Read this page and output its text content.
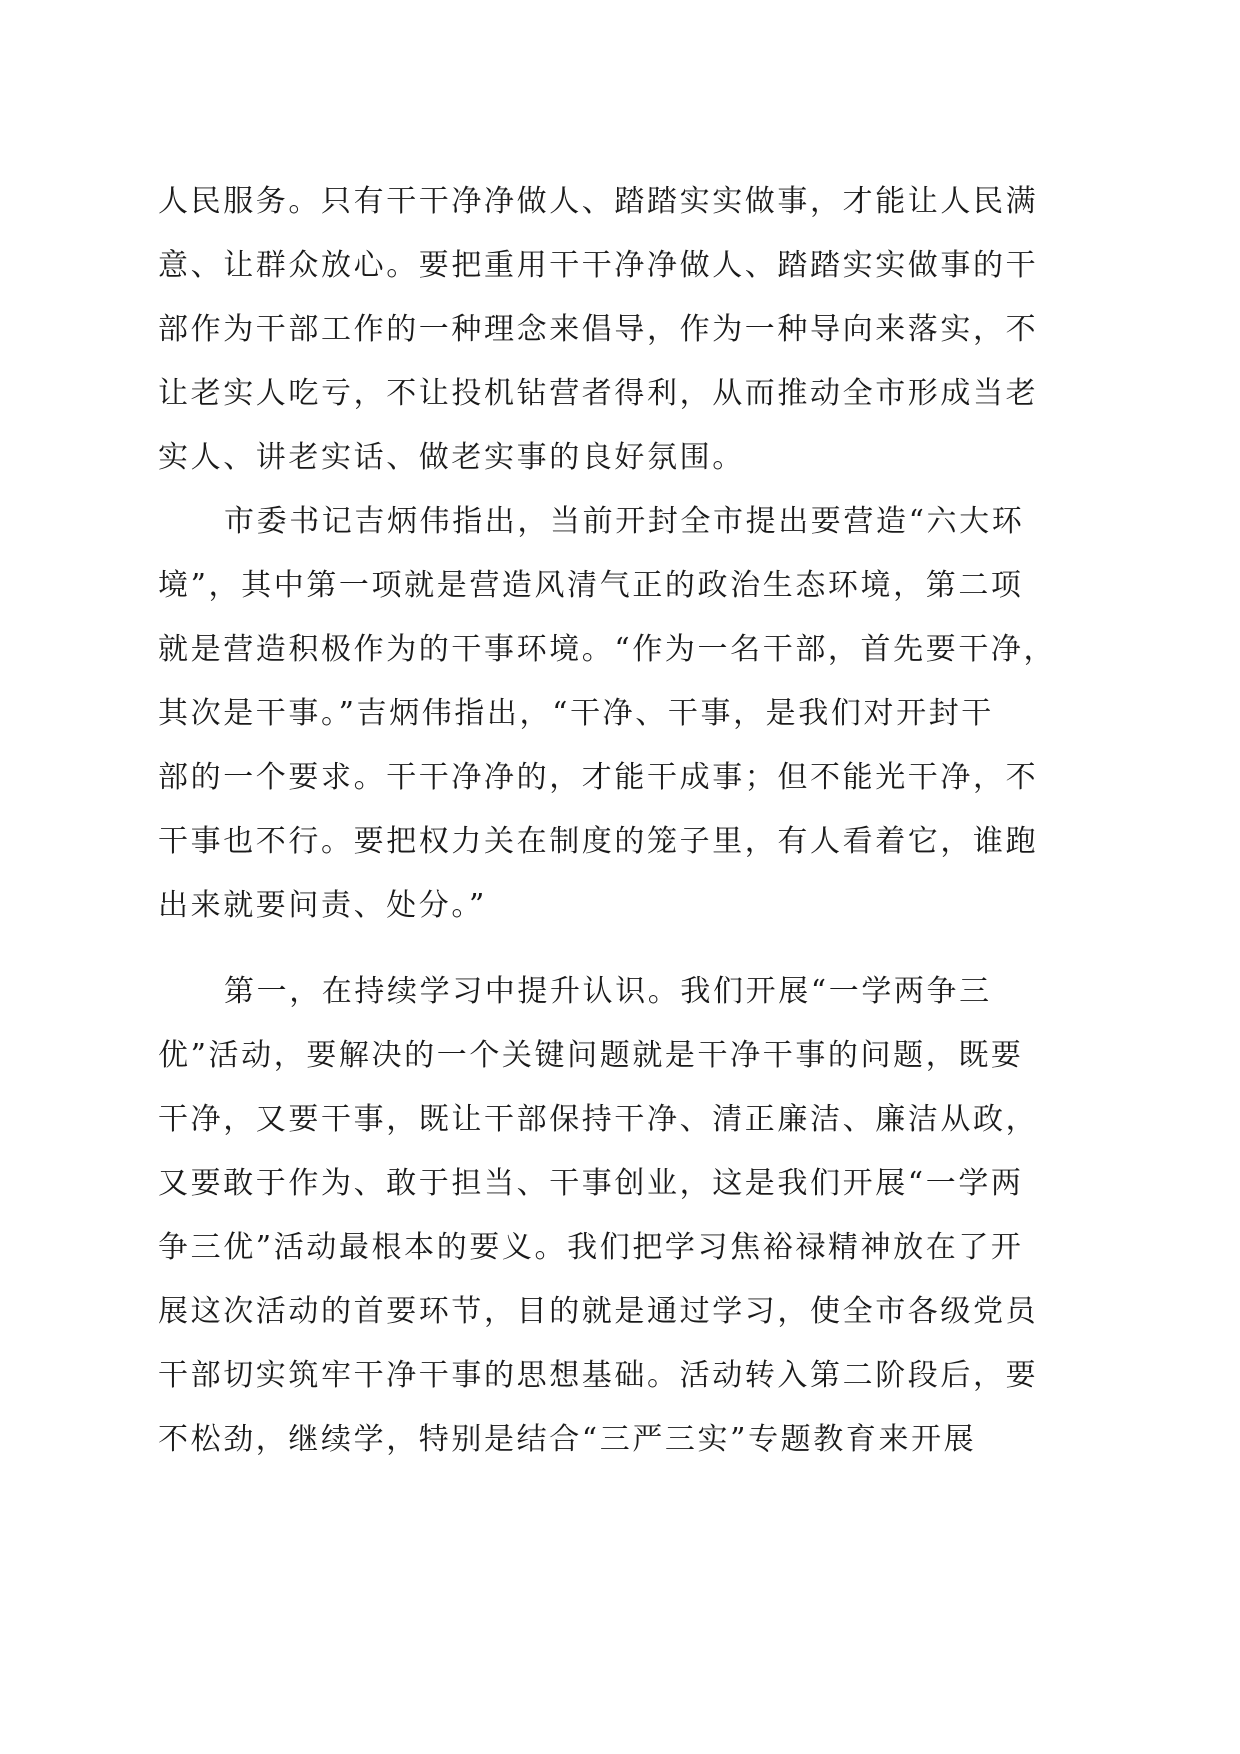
人民服务。只有干干净净做人、踏踏实实做事，才能让人民满
意、让群众放心。要把重用干干净净做人、踏踏实实做事的干
部作为干部工作的一种理念来倡导，作为一种导向来落实，不
让老实人吃亏，不让投机钻营者得利，从而推动全市形成当老
实人、讲老实话、做老实事的良好氛围。
市委书记吉炳伟指出，当前开封全市提出要营造“六大环
境”，其中第一项就是营造风清气正的政治生态环境，第二项
就是营造积极作为的干事环境。“作为一名干部，首先要干净，
其次是干事。”吉炳伟指出，“干净、干事，是我们对开封干
部的一个要求。干干净净的，才能干成事；但不能光干净，不
干事也不行。要把权力关在制度的笼子里，有人看着它，谁跑
出来就要问责、处分。”
第一，在持续学习中提升认识。我们开展“一学两争三
优”活动，要解决的一个关键问题就是干净干事的问题，既要
干净，又要干事，既让干部保持干净、清正廉洁、廉洁从政，
又要敢于作为、敢于担当、干事创业，这是我们开展“一学两
争三优”活动最根本的要义。我们把学习焦裕禄精神放在了开
展这次活动的首要环节，目的就是通过学习，使全市各级党员
干部切实筑牢干净干事的思想基础。活动转入第二阶段后，要
不松劲，继续学，特别是结合“三严三实”专题教育来开展
